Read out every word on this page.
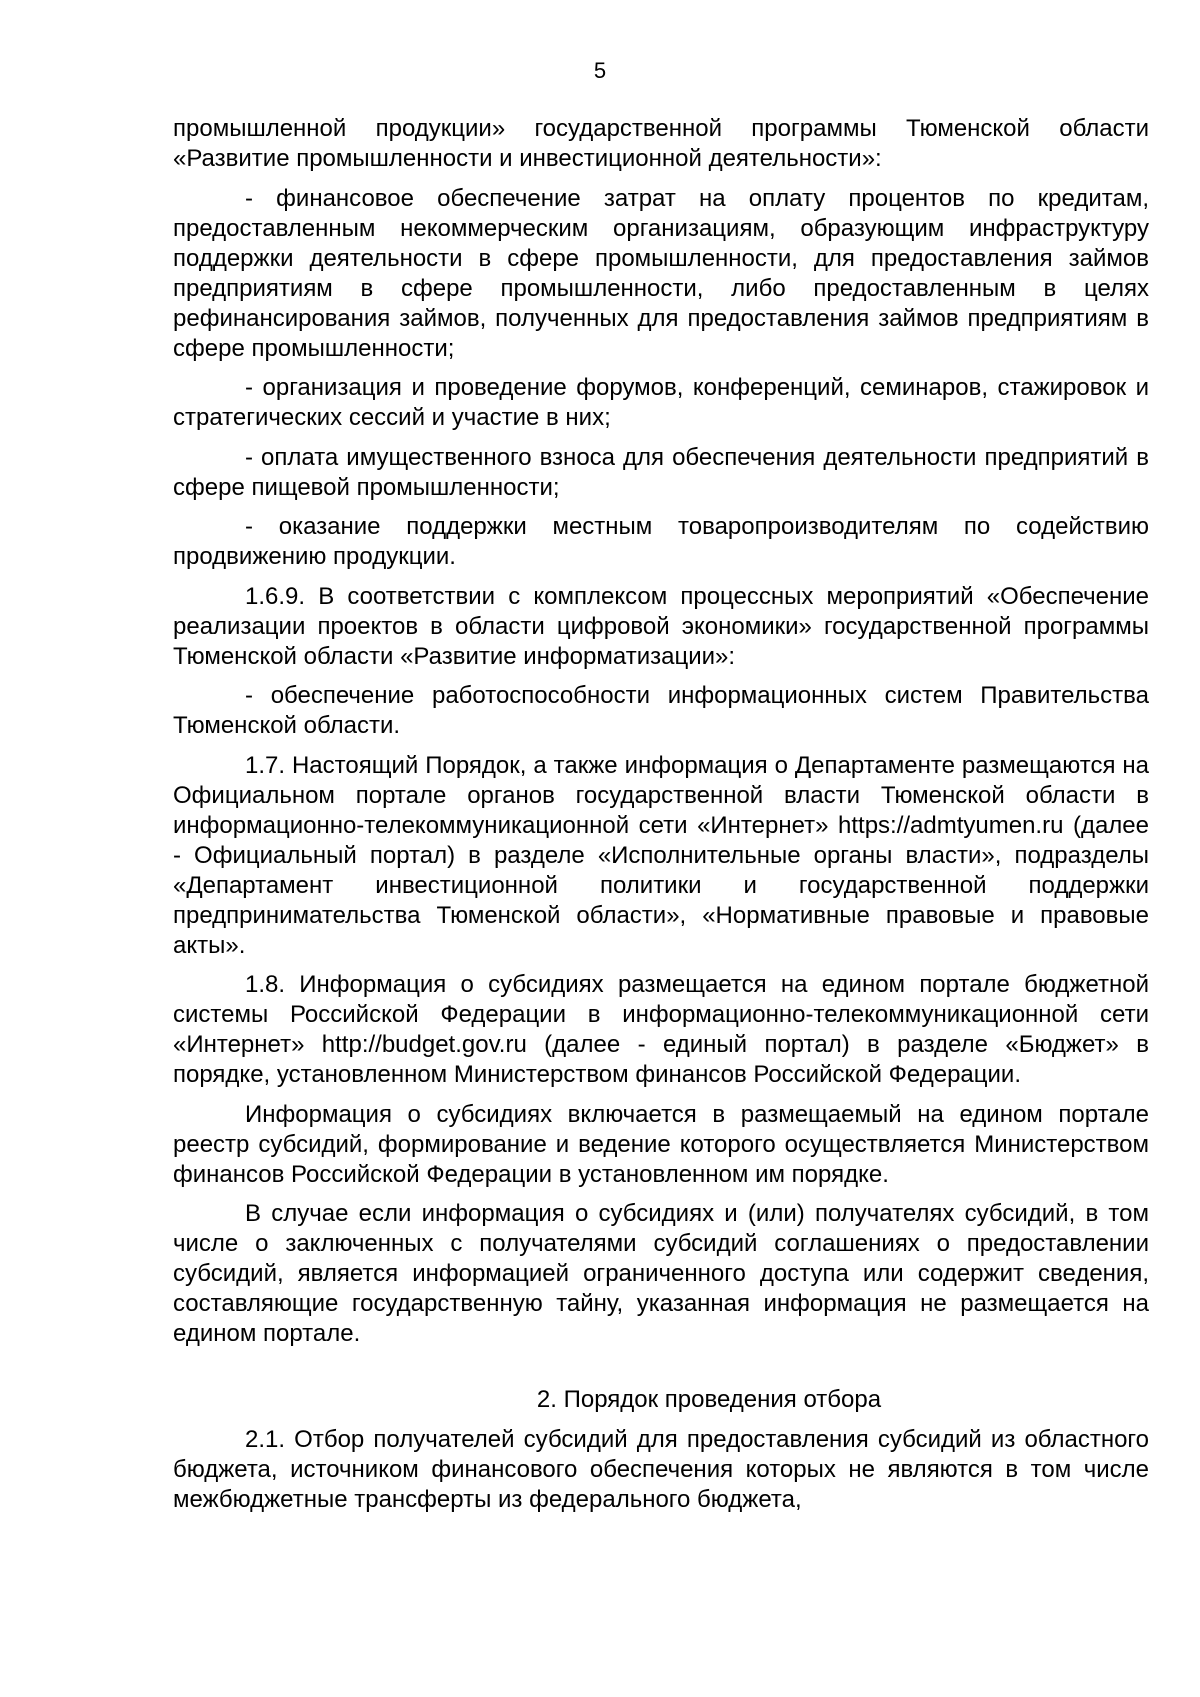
5

промышленной продукции» государственной программы Тюменской области «Развитие промышленности и инвестиционной деятельности»:

- финансовое обеспечение затрат на оплату процентов по кредитам, предоставленным некоммерческим организациям, образующим инфраструктуру поддержки деятельности в сфере промышленности, для предоставления займов предприятиям в сфере промышленности, либо предоставленным в целях рефинансирования займов, полученных для предоставления займов предприятиям в сфере промышленности;

- организация и проведение форумов, конференций, семинаров, стажировок и стратегических сессий и участие в них;

- оплата имущественного взноса для обеспечения деятельности предприятий в сфере пищевой промышленности;

- оказание поддержки местным товаропроизводителям по содействию продвижению продукции.

1.6.9. В соответствии с комплексом процессных мероприятий «Обеспечение реализации проектов в области цифровой экономики» государственной программы Тюменской области «Развитие информатизации»:

- обеспечение работоспособности информационных систем Правительства Тюменской области.

1.7. Настоящий Порядок, а также информация о Департаменте размещаются на Официальном портале органов государственной власти Тюменской области в информационно-телекоммуникационной сети «Интернет» https://admtyumen.ru (далее - Официальный портал) в разделе «Исполнительные органы власти», подразделы «Департамент инвестиционной политики и государственной поддержки предпринимательства Тюменской области», «Нормативные правовые и правовые акты».

1.8. Информация о субсидиях размещается на едином портале бюджетной системы Российской Федерации в информационно-телекоммуникационной сети «Интернет» http://budget.gov.ru (далее - единый портал) в разделе «Бюджет» в порядке, установленном Министерством финансов Российской Федерации.

Информация о субсидиях включается в размещаемый на едином портале реестр субсидий, формирование и ведение которого осуществляется Министерством финансов Российской Федерации в установленном им порядке.

В случае если информация о субсидиях и (или) получателях субсидий, в том числе о заключенных с получателями субсидий соглашениях о предоставлении субсидий, является информацией ограниченного доступа или содержит сведения, составляющие государственную тайну, указанная информация не размещается на едином портале.

2. Порядок проведения отбора

2.1. Отбор получателей субсидий для предоставления субсидий из областного бюджета, источником финансового обеспечения которых не являются в том числе межбюджетные трансферты из федерального бюджета,
